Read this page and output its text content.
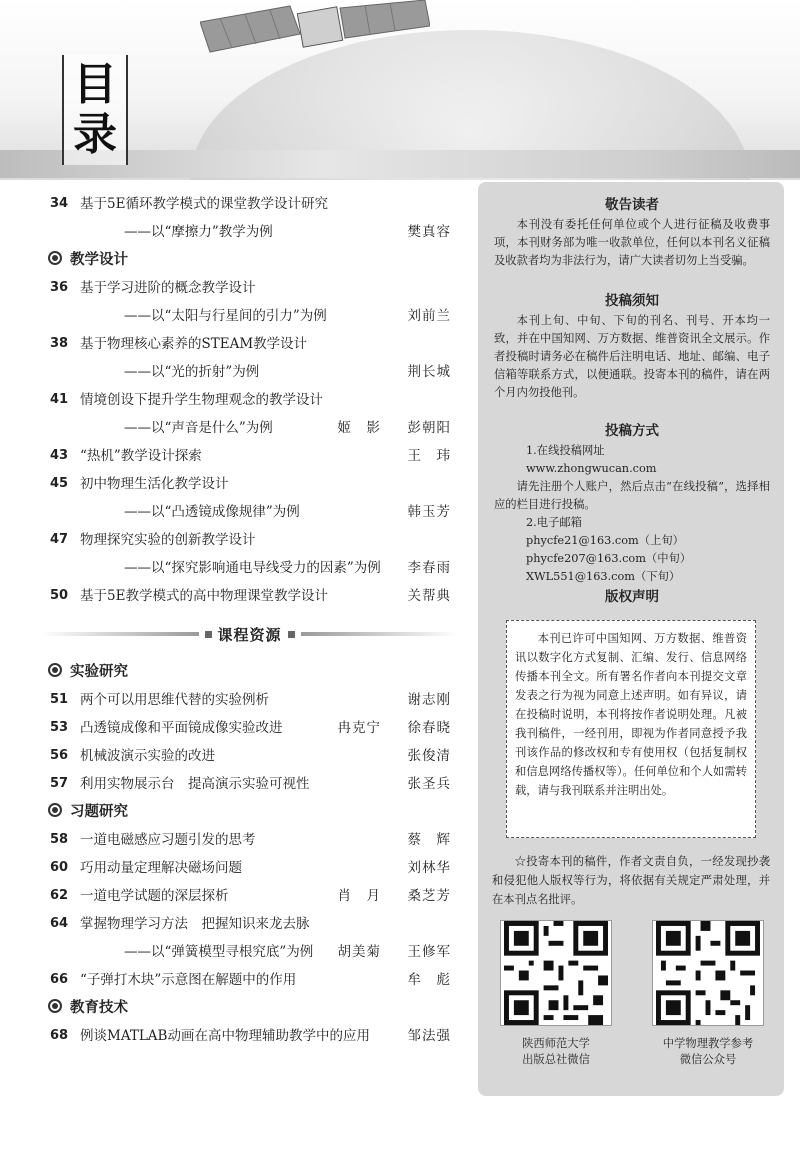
目
录
34 基于5E循环教学模式的课堂教学设计研究
——以“摩擦力”教学为例	樊真容
教学设计
36 基于学习进阶的概念教学设计
——以“太阳与行星间的引力”为例	刘前兰
38 基于物理核心素养的STEAM教学设计
——以“光的折射”为例	荆长城
41 情境创设下提升学生物理观念的教学设计
——以“声音是什么”为例	姬　影 彭朝阳
43 “热机”教学设计探索	王　玮
45 初中物理生活化教学设计
——以“凸透镜成像规律”为例	韩玉芳
47 物理探究实验的创新教学设计
——以“探究影响通电导线受力的因素”为例 李春雨
50 基于5E教学模式的高中物理课堂教学设计	关帮典
课程资源
实验研究
51 两个可以用思维代替的实验例析	谢志刚
53 凸透镜成像和平面镜成像实验改进	冉克宁 徐春晓
56 机械波演示实验的改进	张俊清
57 利用实物展示台　提高演示实验可视性	张圣兵
习题研究
58 一道电磁感应习题引发的思考	蔡　辉
60 巧用动量定理解决磁场问题	刘林华
62 一道电学试题的深层探析	肖　月 桑芝芳
64 掌握物理学习方法　把握知识来龙去脉
——以“弹簧模型寻根究底”为例 胡美菊 王修军
66 “子弹打木块”示意图在解题中的作用	牟　彪
教育技术
68 例谈MATLAB动画在高中物理辅助教学中的应用	邹法强
敬告读者

本刊没有委托任何单位或个人进行征稿及收费事项，本刊财务部为唯一收款单位，任何以本刊名义征稿及收款者均为非法行为，请广大读者切勿上当受骗。

投稿须知

本刊上旬、中旬、下旬的刊名、刊号、开本均一致，并在中国知网、万方数据、维普资讯全文展示。作者投稿时请务必在稿件后注明电话、地址、邮编、电子信箱等联系方式，以便通联。投寄本刊的稿件，请在两个月内勿投他刊。

投稿方式

1.在线投稿网址

www.zhongwucan.com

请先注册个人账户，然后点击“在线投稿”，选择相应的栏目进行投稿。

2.电子邮箱

phycfe21@163.com（上旬）

phycfe207@163.com（中旬）

XWL551@163.com（下旬）

版权声明

本刊已许可中国知网、万方数据、维普资讯以数字化方式复制、汇编、发行、信息网络传播本刊全文。所有署名作者向本刊提交文章发表之行为视为同意上述声明。如有异议，请在投稿时说明，本刊将按作者说明处理。凡被我刊稿件，一经刊用，即视为作者同意授予我刊该作品的修改权和专有使用权（包括复制权和信息网络传播权等）。任何单位和个人如需转载，请与我刊联系并注明出处。

☆投寄本刊的稿件，作者文责自负，一经发现抄袭和侵犯他人版权等行为，将依据有关规定严肃处理，并在本刊点名批评。

陕西师范大学
出版总社微信
中学物理教学参考
微信公众号
